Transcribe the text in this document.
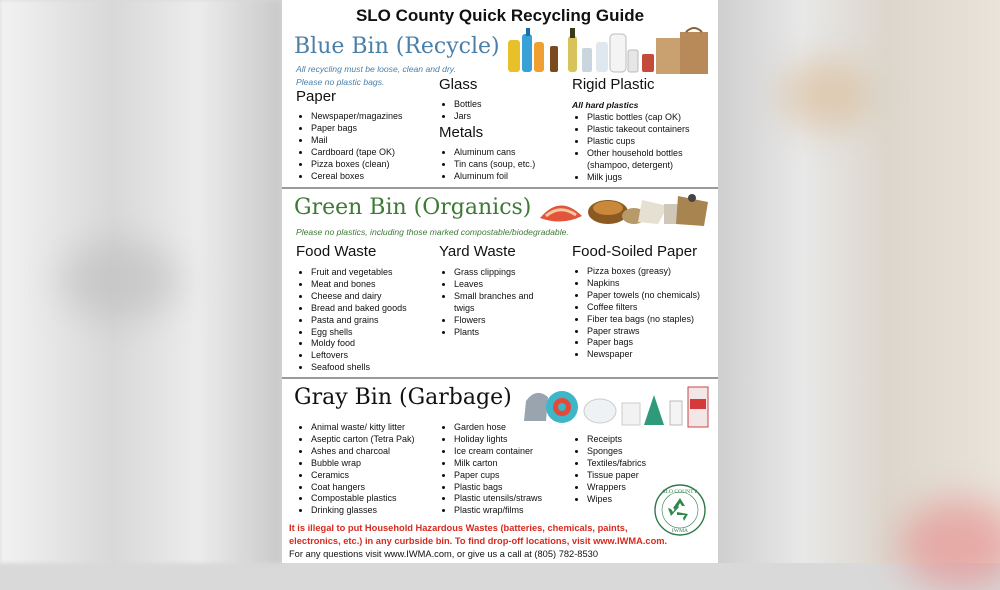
SLO County Quick Recycling Guide
Blue Bin (Recycle)
All recycling must be loose, clean and dry.
Please no plastic bags.
Paper
• Newspaper/magazines
• Paper bags
• Mail
• Cardboard (tape OK)
• Pizza boxes (clean)
• Cereal boxes
Glass
• Bottles
• Jars
Metals
• Aluminum cans
• Tin cans (soup, etc.)
• Aluminum foil
Rigid Plastic
All hard plastics
• Plastic bottles (cap OK)
• Plastic takeout containers
• Plastic cups
• Other household bottles
(shampoo, detergent)
• Milk jugs
Green Bin (Organics)
Please no plastics, including those marked compostable/biodegradable.
Food Waste
• Fruit and vegetables
• Meat and bones
• Cheese and dairy
• Bread and baked goods
• Pasta and grains
• Egg shells
• Moldy food
• Leftovers
• Seafood shells
Yard Waste
• Grass clippings
• Leaves
• Small branches and
twigs
• Flowers
• Plants
Food-Soiled Paper
• Pizza boxes (greasy)
• Napkins
• Paper towels (no chemicals)
• Coffee filters
• Fiber tea bags (no staples)
• Paper straws
• Paper bags
• Newspaper
Gray Bin (Garbage)
• Animal waste/ kitty litter
• Aseptic carton (Tetra Pak)
• Ashes and charcoal
• Bubble wrap
• Ceramics
• Coat hangers
• Compostable plastics
• Drinking glasses
• Garden hose
• Holiday lights
• Ice cream container
• Milk carton
• Paper cups
• Plastic bags
• Plastic utensils/straws
• Plastic wrap/films
• Receipts
• Sponges
• Textiles/fabrics
• Tissue paper
• Wrappers
• Wipes
SLO COUNTY
IWMA
It is illegal to put Household Hazardous Wastes (batteries, chemicals, paints,
electronics, etc.) in any curbside bin. To find drop-off locations, visit www.IWMA.com.
For any questions visit www.IWMA.com, or give us a call at (805) 782-8530
